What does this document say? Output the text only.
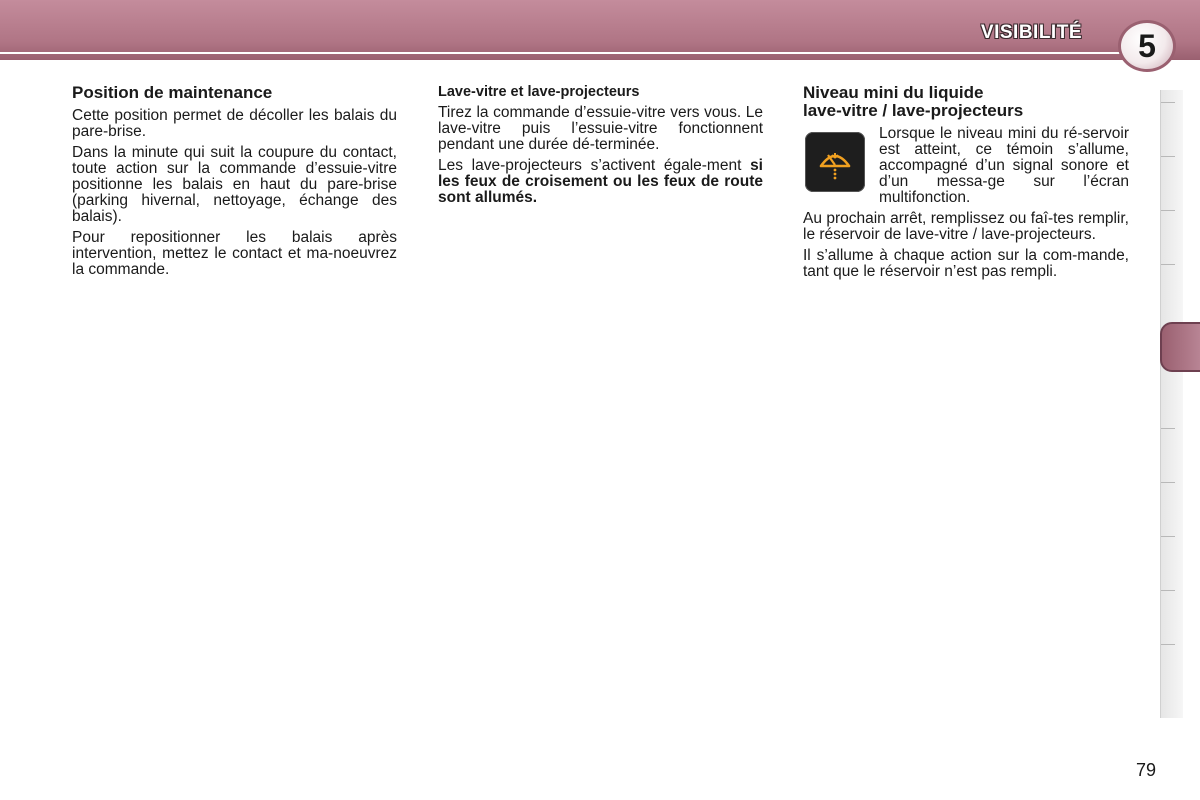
VISIBILITÉ	5
Position de maintenance

Cette position permet de décoller les balais du pare-brise.

Dans la minute qui suit la coupure du contact, toute action sur la commande d’essuie-vitre positionne les balais en haut du pare-brise (parking hivernal, nettoyage, échange des balais).

Pour repositionner les balais après intervention, mettez le contact et ma-noeuvrez la commande.

Lave-vitre et lave-projecteurs

Tirez la commande d’essuie-vitre vers vous. Le lave-vitre puis l’essuie-vitre fonctionnent pendant une durée dé-terminée.

Les lave-projecteurs s’activent égale-ment si les feux de croisement ou les feux de route sont allumés.

Niveau mini du liquide
lave-vitre / lave-projecteurs

Lorsque le niveau mini du ré-servoir est atteint, ce témoin s’allume, accompagné d’un signal sonore et d’un messa-ge sur l’écran multifonction.

Au prochain arrêt, remplissez ou faî-tes remplir, le réservoir de lave-vitre / lave-projecteurs.

Il s’allume à chaque action sur la com-mande, tant que le réservoir n’est pas rempli.

79
